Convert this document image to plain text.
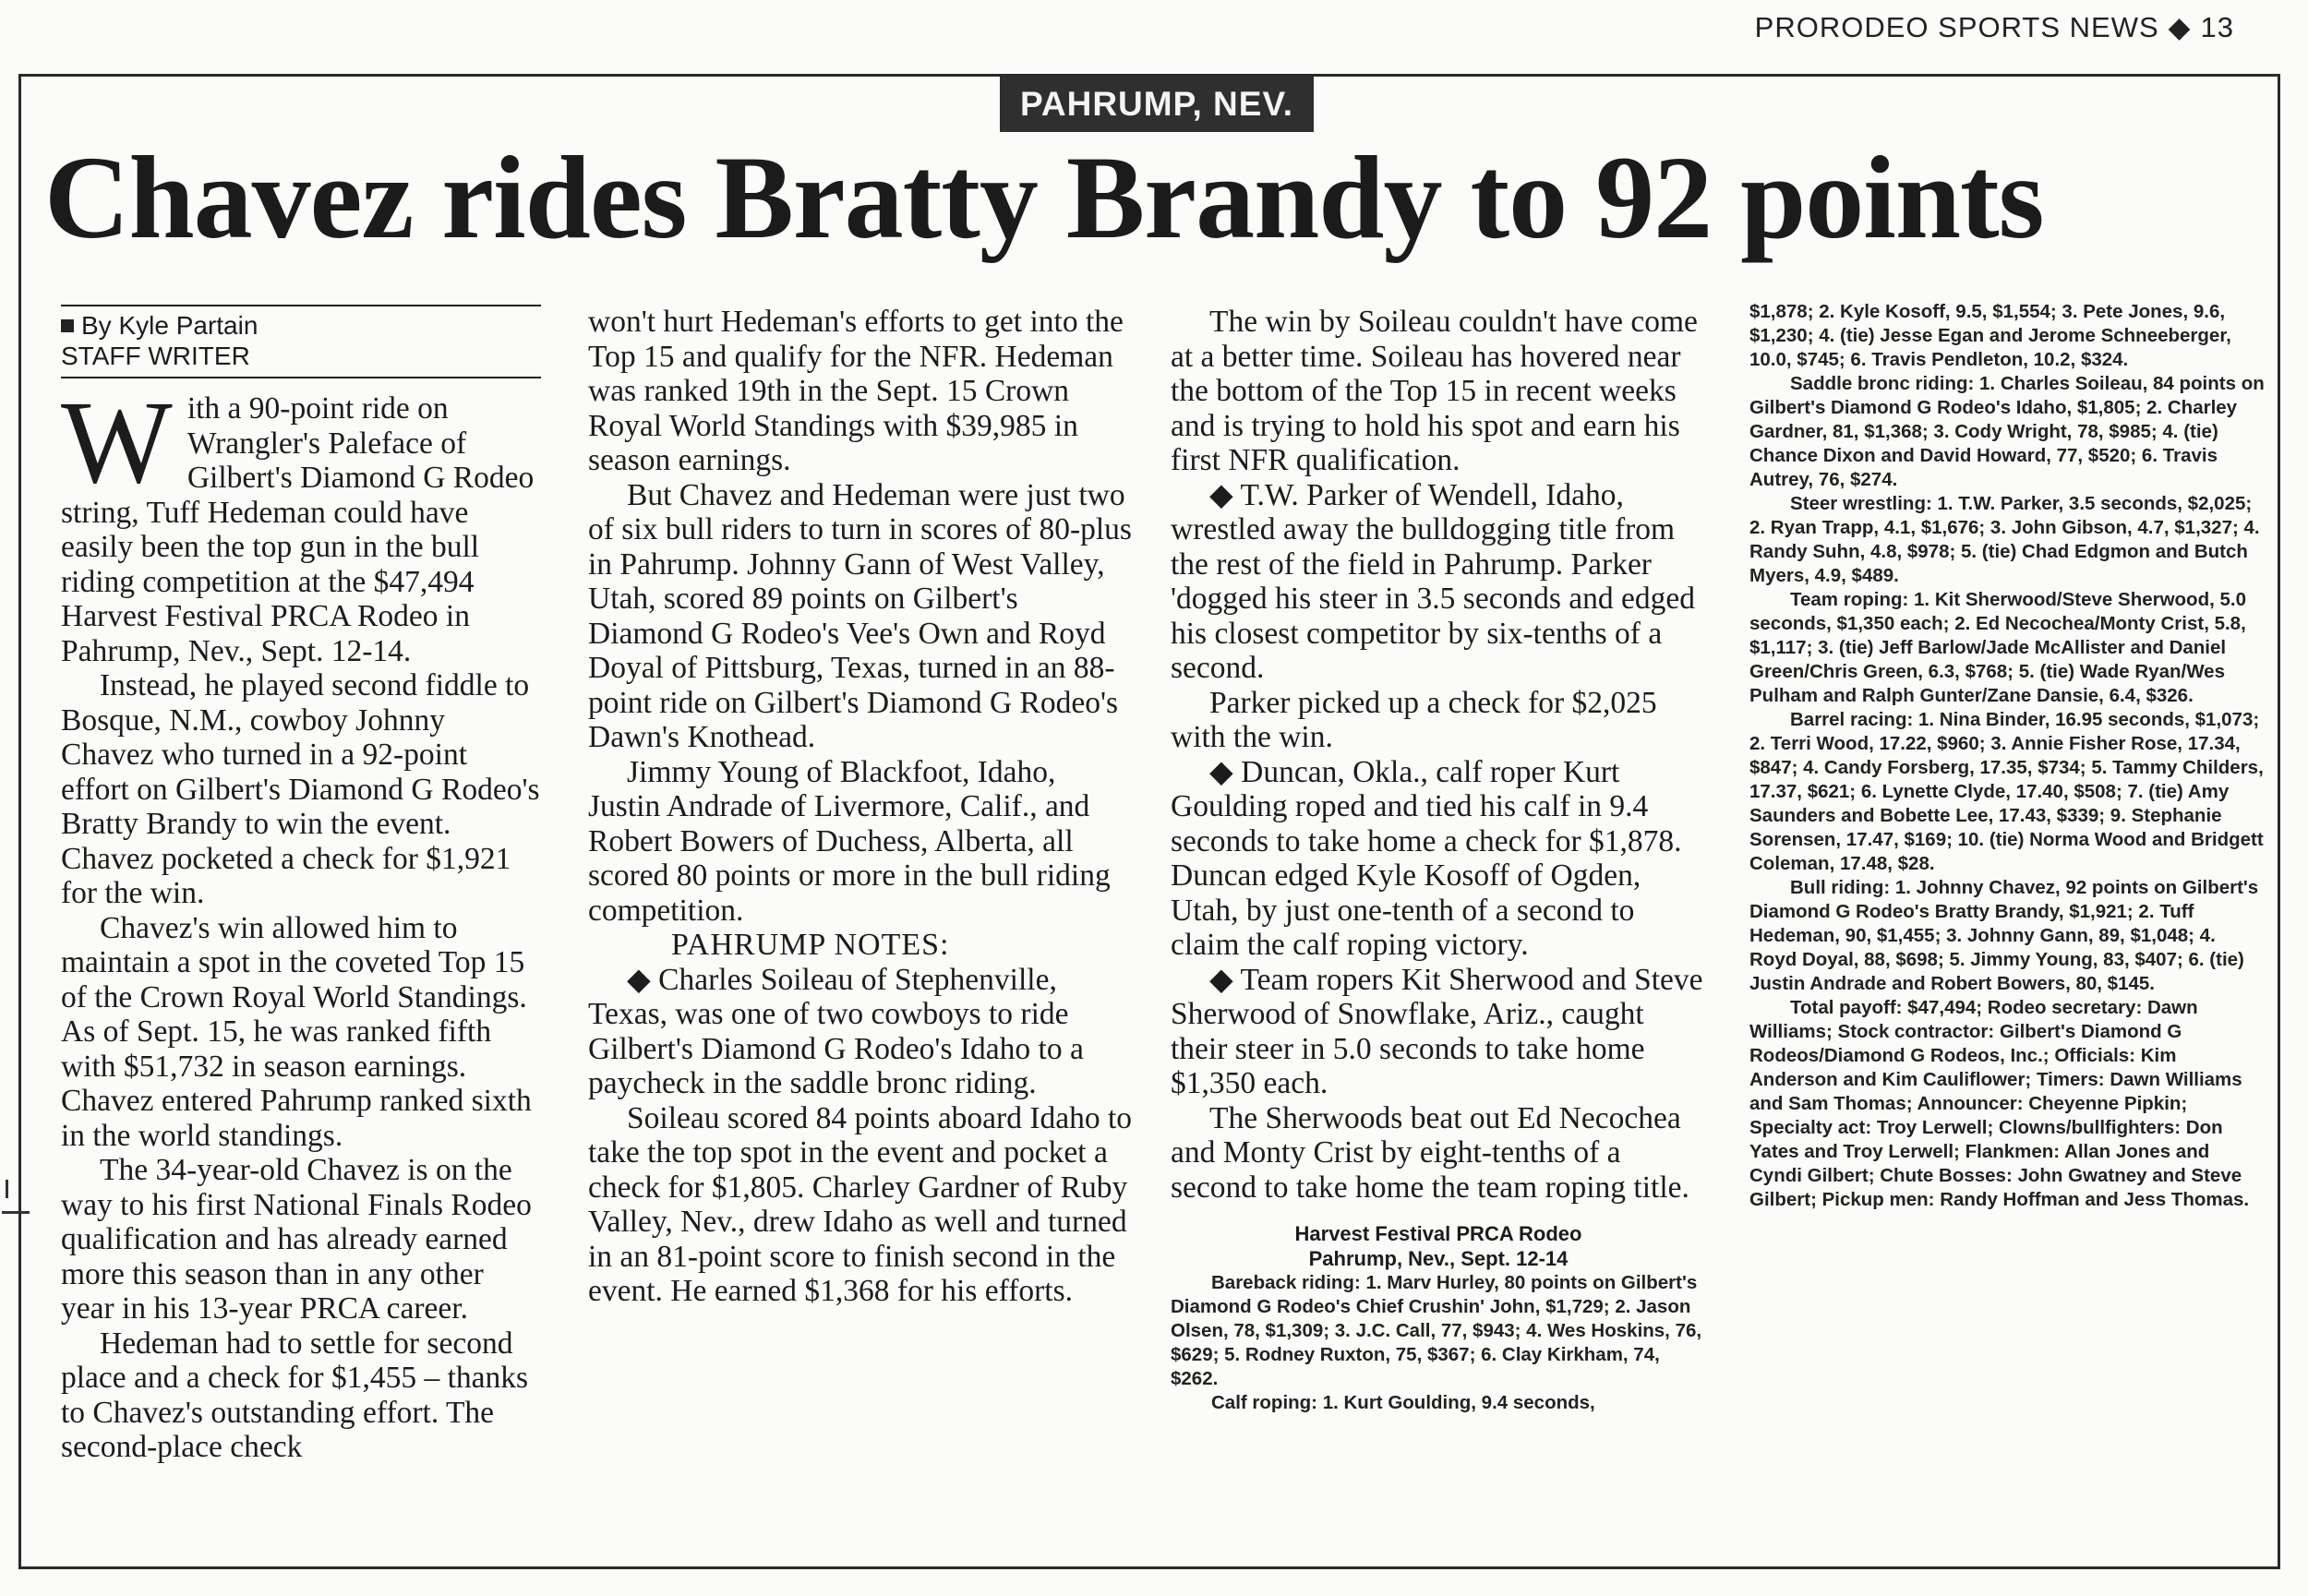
PRORODEO SPORTS NEWS ◆ 13
PAHRUMP, NEV.
Chavez rides Bratty Brandy to 92 points
By Kyle Partain
STAFF WRITER

With a 90-point ride on Wrangler's Paleface of Gilbert's Diamond G Rodeo string, Tuff Hedeman could have easily been the top gun in the bull riding competition at the $47,494 Harvest Festival PRCA Rodeo in Pahrump, Nev., Sept. 12-14.

Instead, he played second fiddle to Bosque, N.M., cowboy Johnny Chavez who turned in a 92-point effort on Gilbert's Diamond G Rodeo's Bratty Brandy to win the event. Chavez pocketed a check for $1,921 for the win.

Chavez's win allowed him to maintain a spot in the coveted Top 15 of the Crown Royal World Standings. As of Sept. 15, he was ranked fifth with $51,732 in season earnings. Chavez entered Pahrump ranked sixth in the world standings.

The 34-year-old Chavez is on the way to his first National Finals Rodeo qualification and has already earned more this season than in any other year in his 13-year PRCA career.

Hedeman had to settle for second place and a check for $1,455 – thanks to Chavez's outstanding effort. The second-place check

won't hurt Hedeman's efforts to get into the Top 15 and qualify for the NFR. Hedeman was ranked 19th in the Sept. 15 Crown Royal World Standings with $39,985 in season earnings.

But Chavez and Hedeman were just two of six bull riders to turn in scores of 80-plus in Pahrump. Johnny Gann of West Valley, Utah, scored 89 points on Gilbert's Diamond G Rodeo's Vee's Own and Royd Doyal of Pittsburg, Texas, turned in an 88-point ride on Gilbert's Diamond G Rodeo's Dawn's Knothead.

Jimmy Young of Blackfoot, Idaho, Justin Andrade of Livermore, Calif., and Robert Bowers of Duchess, Alberta, all scored 80 points or more in the bull riding competition.

PAHRUMP NOTES:

◆ Charles Soileau of Stephenville, Texas, was one of two cowboys to ride Gilbert's Diamond G Rodeo's Idaho to a paycheck in the saddle bronc riding.

Soileau scored 84 points aboard Idaho to take the top spot in the event and pocket a check for $1,805. Charley Gardner of Ruby Valley, Nev., drew Idaho as well and turned in an 81-point score to finish second in the event. He earned $1,368 for his efforts.

The win by Soileau couldn't have come at a better time. Soileau has hovered near the bottom of the Top 15 in recent weeks and is trying to hold his spot and earn his first NFR qualification.

◆ T.W. Parker of Wendell, Idaho, wrestled away the bulldogging title from the rest of the field in Pahrump. Parker 'dogged his steer in 3.5 seconds and edged his closest competitor by six-tenths of a second.

Parker picked up a check for $2,025 with the win.

◆ Duncan, Okla., calf roper Kurt Goulding roped and tied his calf in 9.4 seconds to take home a check for $1,878. Duncan edged Kyle Kosoff of Ogden, Utah, by just one-tenth of a second to claim the calf roping victory.

◆ Team ropers Kit Sherwood and Steve Sherwood of Snowflake, Ariz., caught their steer in 5.0 seconds to take home $1,350 each.

The Sherwoods beat out Ed Necochea and Monty Crist by eight-tenths of a second to take home the team roping title.

Harvest Festival PRCA Rodeo
Pahrump, Nev., Sept. 12-14

Bareback riding: 1. Marv Hurley, 80 points on Gilbert's Diamond G Rodeo's Chief Crushin' John, $1,729; 2. Jason Olsen, 78, $1,309; 3. J.C. Call, 77, $943; 4. Wes Hoskins, 76, $629; 5. Rodney Ruxton, 75, $367; 6. Clay Kirkham, 74, $262.

Calf roping: 1. Kurt Goulding, 9.4 seconds,

$1,878; 2. Kyle Kosoff, 9.5, $1,554; 3. Pete Jones, 9.6, $1,230; 4. (tie) Jesse Egan and Jerome Schneeberger, 10.0, $745; 6. Travis Pendleton, 10.2, $324.

Saddle bronc riding: 1. Charles Soileau, 84 points on Gilbert's Diamond G Rodeo's Idaho, $1,805; 2. Charley Gardner, 81, $1,368; 3. Cody Wright, 78, $985; 4. (tie) Chance Dixon and David Howard, 77, $520; 6. Travis Autrey, 76, $274.

Steer wrestling: 1. T.W. Parker, 3.5 seconds, $2,025; 2. Ryan Trapp, 4.1, $1,676; 3. John Gibson, 4.7, $1,327; 4. Randy Suhn, 4.8, $978; 5. (tie) Chad Edgmon and Butch Myers, 4.9, $489.

Team roping: 1. Kit Sherwood/Steve Sherwood, 5.0 seconds, $1,350 each; 2. Ed Necochea/Monty Crist, 5.8, $1,117; 3. (tie) Jeff Barlow/Jade McAllister and Daniel Green/Chris Green, 6.3, $768; 5. (tie) Wade Ryan/Wes Pulham and Ralph Gunter/Zane Dansie, 6.4, $326.

Barrel racing: 1. Nina Binder, 16.95 seconds, $1,073; 2. Terri Wood, 17.22, $960; 3. Annie Fisher Rose, 17.34, $847; 4. Candy Forsberg, 17.35, $734; 5. Tammy Childers, 17.37, $621; 6. Lynette Clyde, 17.40, $508; 7. (tie) Amy Saunders and Bobette Lee, 17.43, $339; 9. Stephanie Sorensen, 17.47, $169; 10. (tie) Norma Wood and Bridgett Coleman, 17.48, $28.

Bull riding: 1. Johnny Chavez, 92 points on Gilbert's Diamond G Rodeo's Bratty Brandy, $1,921; 2. Tuff Hedeman, 90, $1,455; 3. Johnny Gann, 89, $1,048; 4. Royd Doyal, 88, $698; 5. Jimmy Young, 83, $407; 6. (tie) Justin Andrade and Robert Bowers, 80, $145.

Total payoff: $47,494; Rodeo secretary: Dawn Williams; Stock contractor: Gilbert's Diamond G Rodeos/Diamond G Rodeos, Inc.; Officials: Kim Anderson and Kim Cauliflower; Timers: Dawn Williams and Sam Thomas; Announcer: Cheyenne Pipkin; Specialty act: Troy Lerwell; Clowns/bullfighters: Don Yates and Troy Lerwell; Flankmen: Allan Jones and Cyndi Gilbert; Chute Bosses: John Gwatney and Steve Gilbert; Pickup men: Randy Hoffman and Jess Thomas.
